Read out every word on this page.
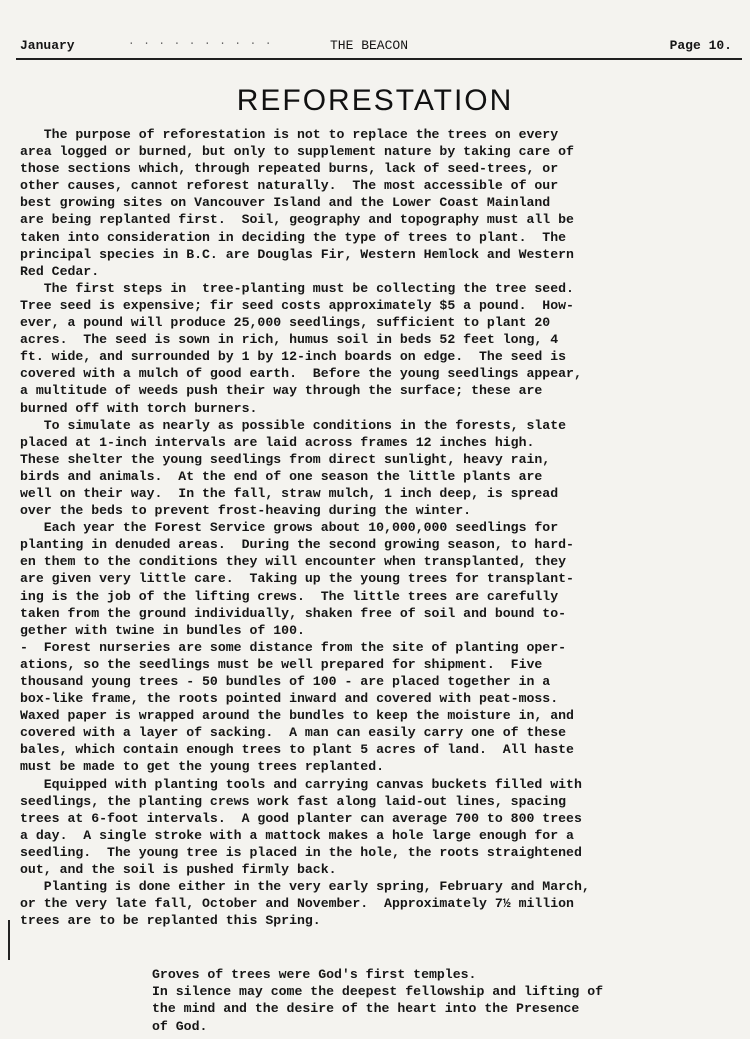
January	. . . . . . . . . .	THE BEACON	Page 10.
REFORESTATION
The purpose of reforestation is not to replace the trees on every
area logged or burned, but only to supplement nature by taking care of
those sections which, through repeated burns, lack of seed-trees, or
other causes, cannot reforest naturally.  The most accessible of our
best growing sites on Vancouver Island and the Lower Coast Mainland
are being replanted first.  Soil, geography and topography must all be
taken into consideration in deciding the type of trees to plant.  The
principal species in B.C. are Douglas Fir, Western Hemlock and Western
Red Cedar.
The first steps in  tree-planting must be collecting the tree seed.
Tree seed is expensive; fir seed costs approximately $5 a pound.  How-
ever, a pound will produce 25,000 seedlings, sufficient to plant 20
acres.  The seed is sown in rich, humus soil in beds 52 feet long, 4
ft. wide, and surrounded by 1 by 12-inch boards on edge.  The seed is
covered with a mulch of good earth.  Before the young seedlings appear,
a multitude of weeds push their way through the surface; these are
burned off with torch burners.
To simulate as nearly as possible conditions in the forests, slate
placed at 1-inch intervals are laid across frames 12 inches high.
These shelter the young seedlings from direct sunlight, heavy rain,
birds and animals.  At the end of one season the little plants are
well on their way.  In the fall, straw mulch, 1 inch deep, is spread
over the beds to prevent frost-heaving during the winter.
Each year the Forest Service grows about 10,000,000 seedlings for
planting in denuded areas.  During the second growing season, to hard-
en them to the conditions they will encounter when transplanted, they
are given very little care.  Taking up the young trees for transplant-
ing is the job of the lifting crews.  The little trees are carefully
taken from the ground individually, shaken free of soil and bound to-
gether with twine in bundles of 100.
-  Forest nurseries are some distance from the site of planting oper-
ations, so the seedlings must be well prepared for shipment.  Five
thousand young trees - 50 bundles of 100 - are placed together in a
box-like frame, the roots pointed inward and covered with peat-moss.
Waxed paper is wrapped around the bundles to keep the moisture in, and
covered with a layer of sacking.  A man can easily carry one of these
bales, which contain enough trees to plant 5 acres of land.  All haste
must be made to get the young trees replanted.
Equipped with planting tools and carrying canvas buckets filled with
seedlings, the planting crews work fast along laid-out lines, spacing
trees at 6-foot intervals.  A good planter can average 700 to 800 trees
a day.  A single stroke with a mattock makes a hole large enough for a
seedling.  The young tree is placed in the hole, the roots straightened
out, and the soil is pushed firmly back.
Planting is done either in the very early spring, February and March,
or the very late fall, October and November.  Approximately 7½ million
trees are to be replanted this Spring.
Groves of trees were God's first temples.
In silence may come the deepest fellowship and lifting of
the mind and the desire of the heart into the Presence
of God.
